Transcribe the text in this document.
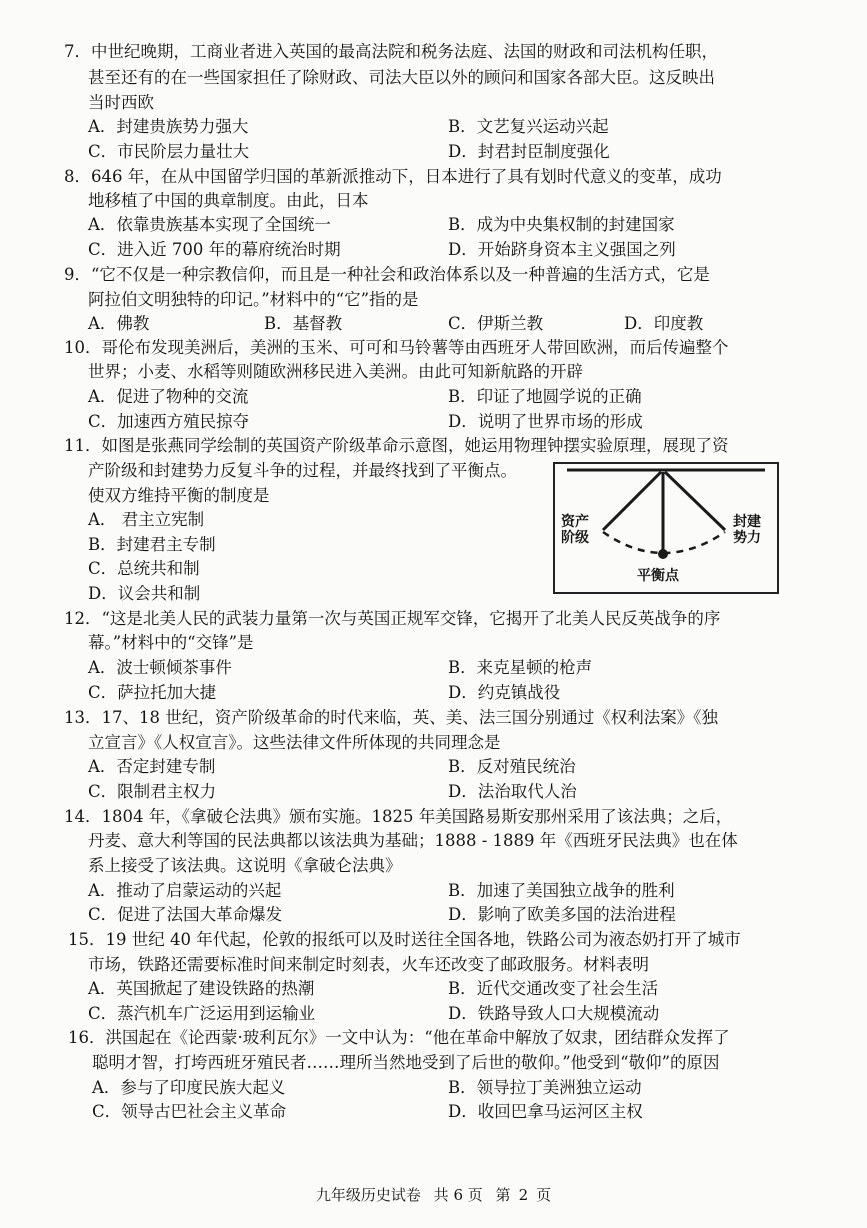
7．中世纪晚期，工商业者进入英国的最高法院和税务法庭、法国的财政和司法机构任职，
甚至还有的在一些国家担任了除财政、司法大臣以外的顾问和国家各部大臣。这反映出
当时西欧
A．封建贵族势力强大	B．文艺复兴运动兴起
C．市民阶层力量壮大	D．封君封臣制度强化
8．646 年，在从中国留学归国的革新派推动下，日本进行了具有划时代意义的变革，成功
地移植了中国的典章制度。由此，日本
A．依靠贵族基本实现了全国统一	B．成为中央集权制的封建国家
C．进入近 700 年的幕府统治时期	D．开始跻身资本主义强国之列
9．“它不仅是一种宗教信仰，而且是一种社会和政治体系以及一种普遍的生活方式，它是
阿拉伯文明独特的印记。”材料中的“它”指的是
A．佛教	B．基督教	C．伊斯兰教	D．印度教
10．哥伦布发现美洲后，美洲的玉米、可可和马铃薯等由西班牙人带回欧洲，而后传遍整个
世界；小麦、水稻等则随欧洲移民进入美洲。由此可知新航路的开辟
A．促进了物种的交流	B．印证了地圆学说的正确
C．加速西方殖民掠夺	D．说明了世界市场的形成
11．如图是张燕同学绘制的英国资产阶级革命示意图，她运用物理钟摆实验原理，展现了资
产阶级和封建势力反复斗争的过程，并最终找到了平衡点。
使双方维持平衡的制度是
A． 君主立宪制
B．封建君主专制
C．总统共和制
D．议会共和制
资产
阶级
封建
势力
平衡点
12．“这是北美人民的武装力量第一次与英国正规军交锋，它揭开了北美人民反英战争的序
幕。”材料中的“交锋”是
A．波士顿倾茶事件	B．来克星顿的枪声
C．萨拉托加大捷	D．约克镇战役
13．17、18 世纪，资产阶级革命的时代来临，英、美、法三国分别通过《权利法案》《独
立宣言》《人权宣言》。这些法律文件所体现的共同理念是
A．否定封建专制	B．反对殖民统治
C．限制君主权力	D．法治取代人治
14．1804 年，《拿破仑法典》颁布实施。1825 年美国路易斯安那州采用了该法典；之后，
丹麦、意大利等国的民法典都以该法典为基础；1888 - 1889 年《西班牙民法典》也在体
系上接受了该法典。这说明《拿破仑法典》
A．推动了启蒙运动的兴起	B．加速了美国独立战争的胜利
C．促进了法国大革命爆发	D．影响了欧美多国的法治进程
15．19 世纪 40 年代起，伦敦的报纸可以及时送往全国各地，铁路公司为液态奶打开了城市
市场，铁路还需要标准时间来制定时刻表，火车还改变了邮政服务。材料表明
A．英国掀起了建设铁路的热潮	B．近代交通改变了社会生活
C．蒸汽机车广泛运用到运输业	D．铁路导致人口大规模流动
16．洪国起在《论西蒙·玻利瓦尔》一文中认为：“他在革命中解放了奴隶，团结群众发挥了
聪明才智，打垮西班牙殖民者……理所当然地受到了后世的敬仰。”他受到“敬仰”的原因
A．参与了印度民族大起义	B．领导拉丁美洲独立运动
C．领导古巴社会主义革命	D．收回巴拿马运河区主权
九年级历史试卷 共 6 页 第 2 页
